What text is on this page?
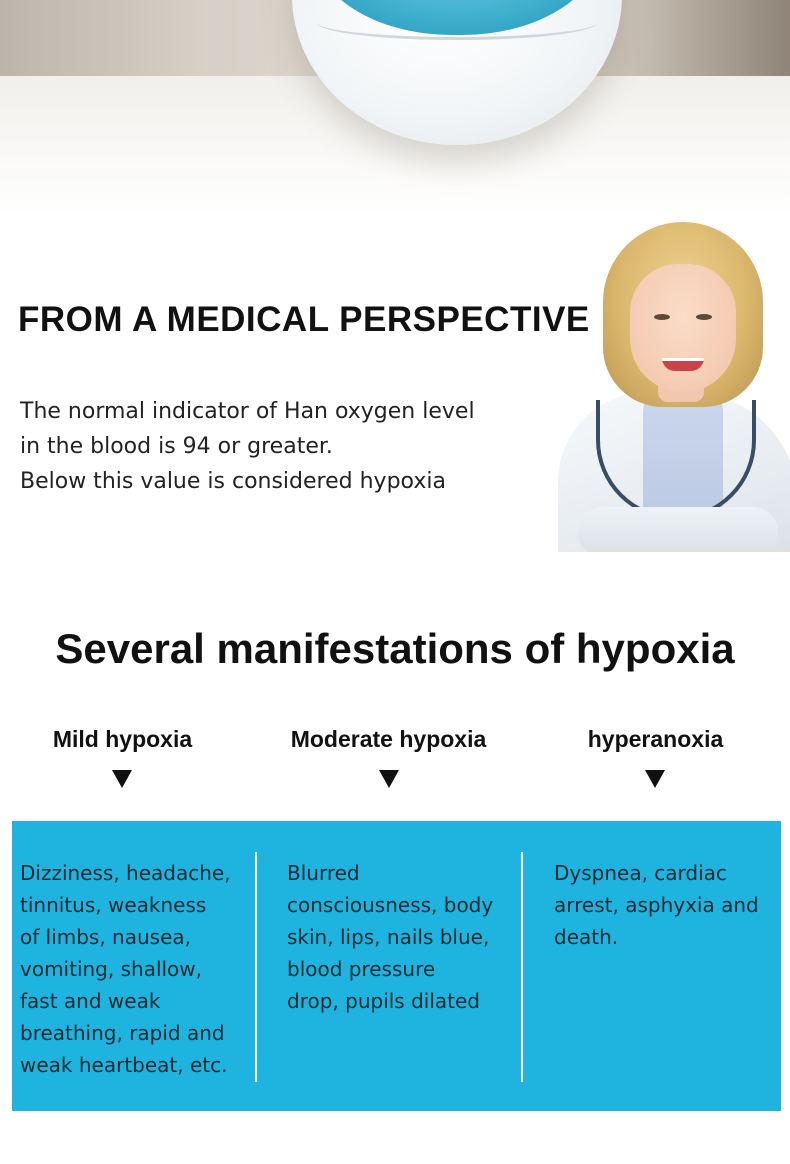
FROM A MEDICAL PERSPECTIVE
The normal indicator of Han oxygen level
in the blood is 94 or greater.
Below this value is considered hypoxia
Several manifestations of hypoxia
Mild hypoxia	Moderate hypoxia	hyperanoxia
Dizziness, headache,
tinnitus, weakness
of limbs, nausea,
vomiting, shallow,
fast and weak
breathing, rapid and
weak heartbeat, etc.
Blurred
consciousness, body
skin, lips, nails blue,
blood pressure
drop, pupils dilated
Dyspnea, cardiac
arrest, asphyxia and
death.
